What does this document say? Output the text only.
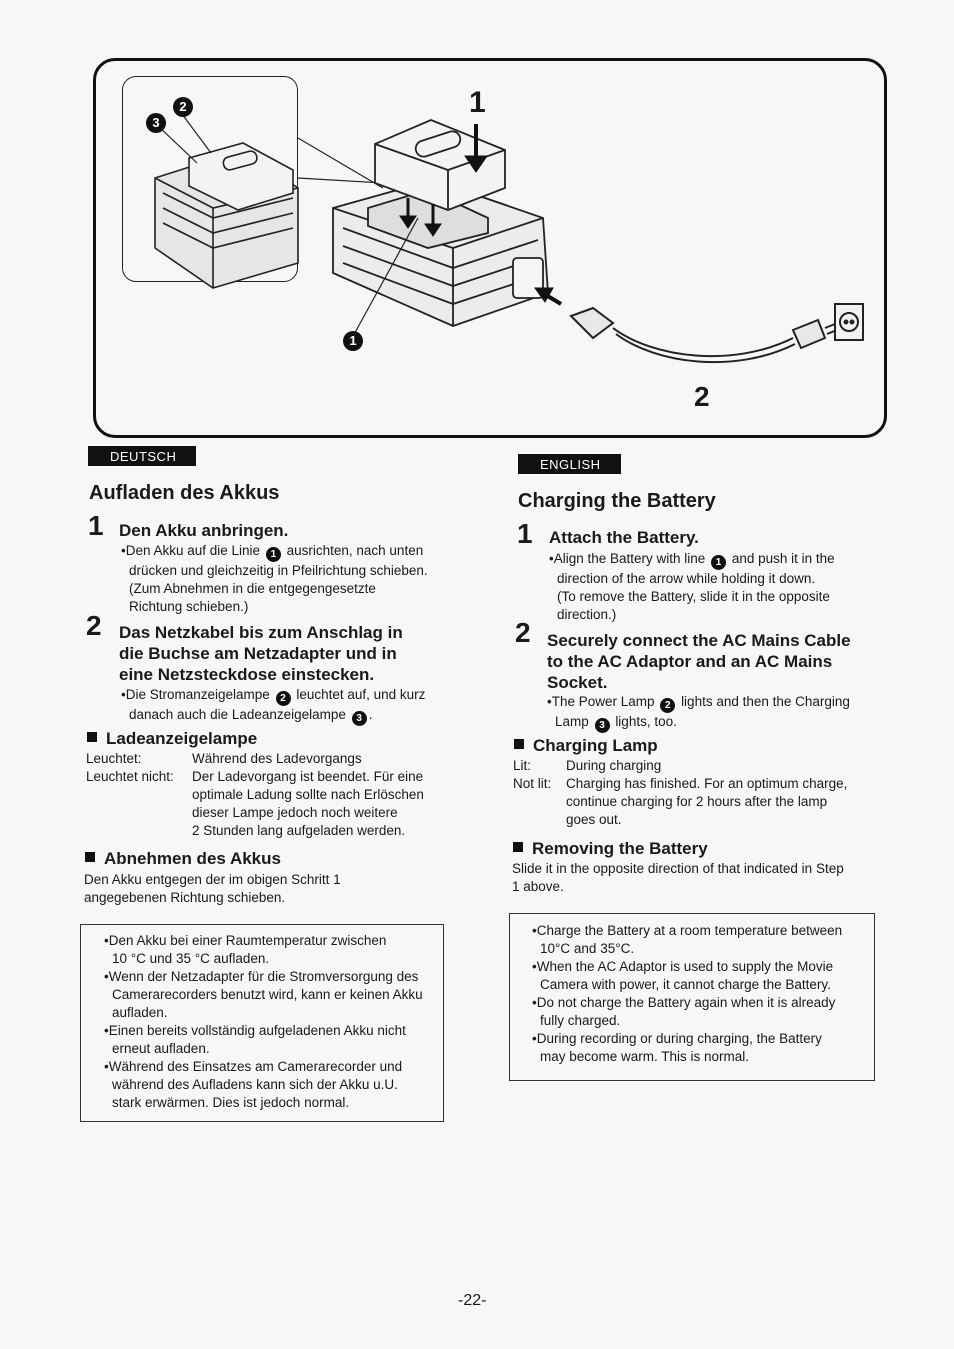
1
2
1
2
3
DEUTSCH
Aufladen des Akkus
1 Den Akku anbringen.

•Den Akku auf die Linie 1 ausrichten, nach unten

drücken und gleichzeitig in Pfeilrichtung schieben.

(Zum Abnehmen in die entgegengesetzte

Richtung schieben.)

2 Das Netzkabel bis zum Anschlag in

die Buchse am Netzadapter und in

eine Netzsteckdose einstecken.

•Die Stromanzeigelampe 2 leuchtet auf, und kurz

danach auch die Ladeanzeigelampe 3 .

Ladeanzeigelampe
Leuchtet:	Während des Ladevorgangs
Leuchtet nicht:	Der Ladevorgang ist beendet. Für eine

optimale Ladung sollte nach Erlöschen

dieser Lampe jedoch noch weitere

2 Stunden lang aufgeladen werden.

Abnehmen des Akkus

Den Akku entgegen der im obigen Schritt 1

angegebenen Richtung schieben.

•Den Akku bei einer Raumtemperatur zwischen

10 °C und 35 °C aufladen.

•Wenn der Netzadapter für die Stromversorgung des

Camerarecorders benutzt wird, kann er keinen Akku

aufladen.

•Einen bereits vollständig aufgeladenen Akku nicht

erneut aufladen.

•Während des Einsatzes am Camerarecorder und

während des Aufladens kann sich der Akku u.U.

stark erwärmen. Dies ist jedoch normal.

ENGLISH
Charging the Battery
1 Attach the Battery.

•Align the Battery with line 1 and push it in the

direction of the arrow while holding it down.

(To remove the Battery, slide it in the opposite

direction.)

2 Securely connect the AC Mains Cable

to the AC Adaptor and an AC Mains

Socket.

•The Power Lamp 2 lights and then the Charging

Lamp 3 lights, too.

Charging Lamp
Lit:	During charging
Not lit:	Charging has finished. For an optimum charge,

continue charging for 2 hours after the lamp

goes out.

Removing the Battery

Slide it in the opposite direction of that indicated in Step

1 above.

•Charge the Battery at a room temperature between

10°C and 35°C.

•When the AC Adaptor is used to supply the Movie

Camera with power, it cannot charge the Battery.

•Do not charge the Battery again when it is already

fully charged.

•During recording or during charging, the Battery

may become warm. This is normal.

-22-
